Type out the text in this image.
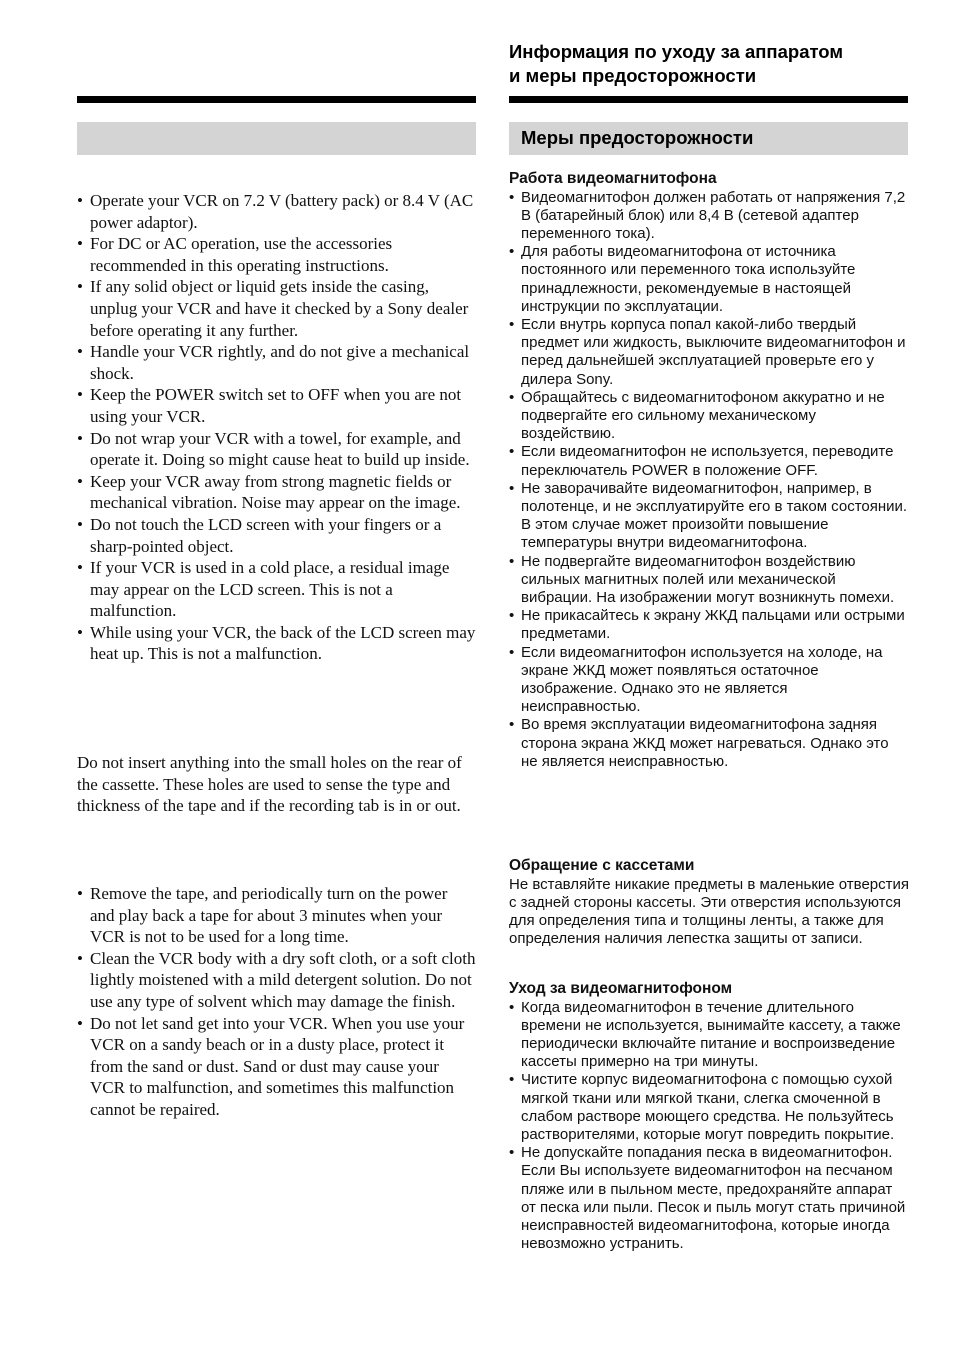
• Operate your VCR on 7.2 V (battery pack) or 8.4 V (AC power adaptor).
• For DC or AC operation, use the accessories recommended in this operating instructions.
• If any solid object or liquid gets inside the casing, unplug your VCR and have it checked by a Sony dealer before operating it any further.
• Handle your VCR rightly, and do not give a mechanical shock.
• Keep the POWER switch set to OFF when you are not using your VCR.
• Do not wrap your VCR with a towel, for example, and operate it. Doing so might cause heat to build up inside.
• Keep your VCR away from strong magnetic fields or mechanical vibration. Noise may appear on the image.
• Do not touch the LCD screen with your fingers or a sharp-pointed object.
• If your VCR is used in a cold place, a residual image may appear on the LCD screen. This is not a malfunction.
• While using your VCR, the back of the LCD screen may heat up. This is not a malfunction.

Do not insert anything into the small holes on the rear of the cassette. These holes are used to sense the type and thickness of the tape and if the recording tab is in or out.

• Remove the tape, and periodically turn on the power and play back a tape for about 3 minutes when your VCR is not to be used for a long time.
• Clean the VCR body with a dry soft cloth, or a soft cloth lightly moistened with a mild detergent solution. Do not use any type of solvent which may damage the finish.
• Do not let sand get into your VCR. When you use your VCR on a sandy beach or in a dusty place, protect it from the sand or dust. Sand or dust may cause your VCR to malfunction, and sometimes this malfunction cannot be repaired.
Информация по уходу за аппаратом
и меры предосторожности
Меры предосторожности
Работа видеомагнитофона
• Видеомагнитофон должен работать от напряжения 7,2 В (батарейный блок) или 8,4 В (сетевой адаптер переменного тока).
• Для работы видеомагнитофона от источника постоянного или переменного тока используйте принадлежности, рекомендуемые в настоящей инструкции по эксплуатации.
• Если внутрь корпуса попал какой-либо твердый предмет или жидкость, выключите видеомагнитофон и перед дальнейшей эксплуатацией проверьте его у дилера Sony.
• Обращайтесь с видеомагнитофоном аккуратно и не подвергайте его сильному механическому воздействию.
• Если видеомагнитофон не используется, переводите переключатель POWER в положение OFF.
• Не заворачивайте видеомагнитофон, например, в полотенце, и не эксплуатируйте его в таком состоянии. В этом случае может произойти повышение температуры внутри видеомагнитофона.
• Не подвергайте видеомагнитофон воздействию сильных магнитных полей или механической вибрации. На изображении могут возникнуть помехи.
• Не прикасайтесь к экрану ЖКД пальцами или острыми предметами.
• Если видеомагнитофон используется на холоде, на экране ЖКД может появляться остаточное изображение. Однако это не является неисправностью.
• Во время эксплуатации видеомагнитофона задняя сторона экрана ЖКД может нагреваться. Однако это не является неисправностью.
Обращение с кассетами

Не вставляйте никакие предметы в маленькие отверстия с задней стороны кассеты. Эти отверстия используются для определения типа и толщины ленты, а также для определения наличия лепестка защиты от записи.

Уход за видеомагнитофоном
• Когда видеомагнитофон в течение длительного времени не используется, вынимайте кассету, а также периодически включайте питание и воспроизведение кассеты примерно на три минуты.
• Чистите корпус видеомагнитофона с помощью сухой мягкой ткани или мягкой ткани, слегка смоченной в слабом растворе моющего средства. Не пользуйтесь растворителями, которые могут повредить покрытие.
• Не допускайте попадания песка в видеомагнитофон. Если Вы используете видеомагнитофон на песчаном пляже или в пыльном месте, предохраняйте аппарат от песка или пыли. Песок и пыль могут стать причиной неисправностей видеомагнитофона, которые иногда невозможно устранить.
